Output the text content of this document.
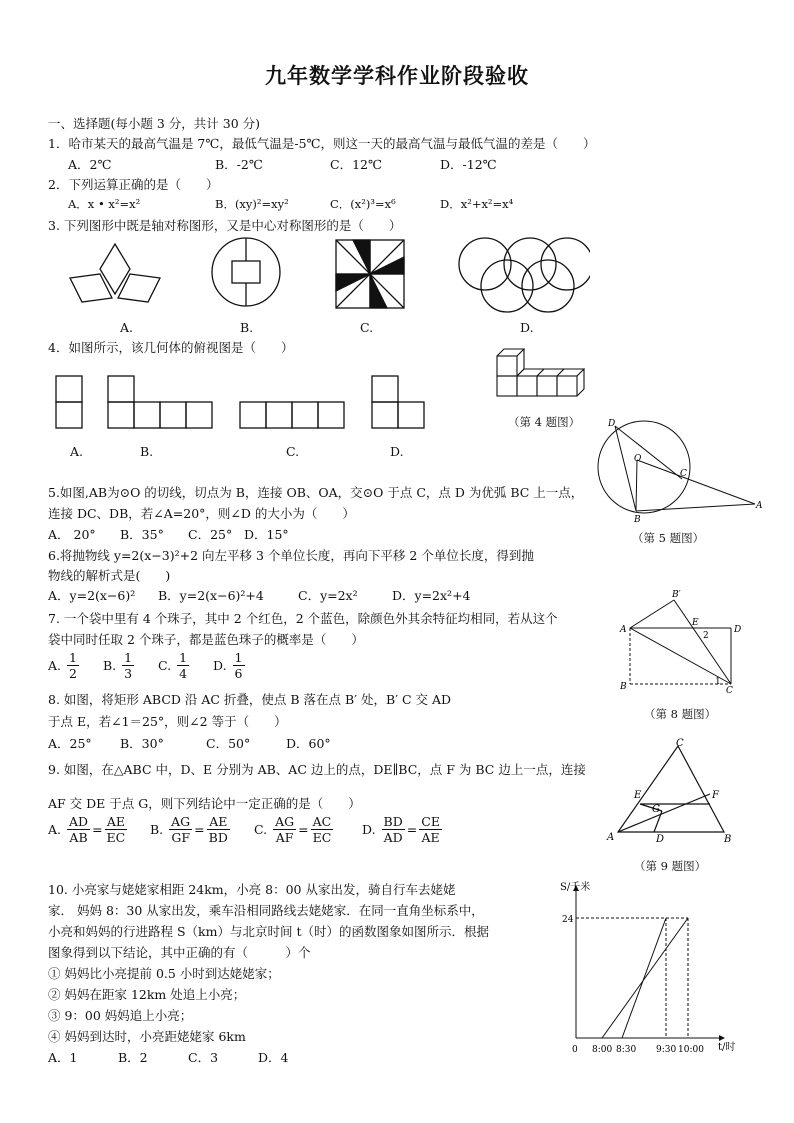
九年数学学科作业阶段验收
一、选择题(每小题 3 分，共计 30 分)
1．哈市某天的最高气温是 7℃，最低气温是-5℃，则这一天的最高气温与最低气温的差是（　　）
A．2℃	B．-2℃	C．12℃	D．-12℃
2．下列运算正确的是（　　）
A．x • x²=x²	B．(xy)²=xy²	C．(x²)³=x⁶	D．x²+x²=x⁴
3. 下列图形中既是轴对称图形，又是中心对称图形的是（　　）
A.	B.	C.	D.
4．如图所示，该几何体的俯视图是（　　）
（第 4 题图）
A.	B.	C.	D.
D
O
C
B
A
（第 5 题图）
5.如图,AB为⊙O 的切线，切点为 B，连接 OB、OA，交⊙O 于点 C，点 D 为优弧 BC 上一点，
连接 DC、DB，若∠A=20°，则∠D 的大小为（　　）
A． 20° B．35° C．25° D．15°
6.将抛物线 y=2(x−3)²+2 向左平移 3 个单位长度，再向下平移 2 个单位长度，得到抛
物线的解析式是(　　)
A．y=2(x−6)² B．y=2(x−6)²+4	C．y=2x²	D．y=2x²+4
7. 一个袋中里有 4 个珠子，其中 2 个红色，2 个蓝色，除颜色外其余特征均相同，若从这个
袋中同时任取 2 个珠子，都是蓝色珠子的概率是（　　）
A. $\frac{1}{2} B$. $\frac{1}{3} C$. $\frac{1}{4} D$. $\frac{1}{6}$
B′
A
E
2
D
B	1
C
（第 8 题图）
8. 如图，将矩形 ABCD 沿 AC 折叠，使点 B 落在点 B′ 处，B′ C 交 AD
于点 E，若∠1＝25°，则∠2 等于（　　）
A．25° B．30°	C．50°	D．60°	C
E	F
G
A	D	B
（第 9 题图）
9. 如图，在△ABC 中，D、E 分别为 AB、AC 边上的点，DE∥BC，点 F 为 BC 边上一点，连接
AF 交 DE 于点 G，则下列结论中一定正确的是（　　）
A. $\frac{AD}{AB} = \frac{AE}{EC} B$. $\frac{AG}{GF} = \frac{AE}{BD} C$. $\frac{AG}{AF} = \frac{AC}{EC} D$. $\frac{BD}{AD} = \frac{CE}{AE}$
10. 小亮家与姥姥家相距 24km，小亮 8：00 从家出发，骑自行车去姥姥
家． 妈妈 8：30 从家出发，乘车沿相同路线去姥姥家．在同一直角坐标系中，
小亮和妈妈的行进路程 S（km）与北京时间 t（时）的函数图象如图所示．根据
图象得到以下结论，其中正确的有（　　　）个
① 妈妈比小亮提前 0.5 小时到达姥姥家；
② 妈妈在距家 12km 处追上小亮；
③ 9：00 妈妈追上小亮；
④ 妈妈到达时，小亮距姥姥家 6km
A．1	B．2	C．3	D．4
S/千米
t/时
24
0 8:00 8:30 9:30 10:00
